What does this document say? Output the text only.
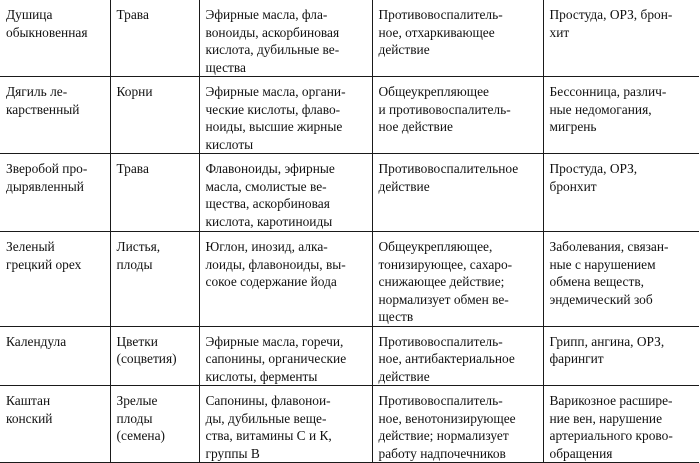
Душица
обыкновенная	Трава	Эфирные масла, фла-
воноиды, аскорбиновая
кислота, дубильные ве-
щества	Противовоспалитель-
ное, отхаркивающее
действие	Простуда, ОРЗ, брон-
хит
Дягиль ле-
карственный	Корни	Эфирные масла, органи-
ческие кислоты, флаво-
ноиды, высшие жирные
кислоты	Общеукрепляющее
и противовоспалитель-
ное действие	Бессонница, различ-
ные недомогания,
мигрень
Зверобой про-
дырявленный	Трава	Флавоноиды, эфирные
масла, смолистые ве-
щества, аскорбиновая
кислота, каротиноиды	Противовоспалительное
действие	Простуда, ОРЗ,
бронхит
Зеленый
грецкий орех	Листья,
плоды	Юглон, инозид, алка-
лоиды, флавоноиды, вы-
сокое содержание йода	Общеукрепляющее,
тонизирующее, сахаро-
снижающее действие;
нормализует обмен ве-
ществ	Заболевания, связан-
ные с нарушением
обмена веществ,
эндемический зоб
Календула	Цветки
(соцветия)	Эфирные масла, горечи,
сапонины, органические
кислоты, ферменты	Противовоспалитель-
ное, антибактериальное
действие	Грипп, ангина, ОРЗ,
фарингит
Каштан
конский	Зрелые
плоды
(семена)	Сапонины, флавонои-
ды, дубильные веще-
ства, витамины С и К,
группы В	Противовоспалитель-
ное, венотонизирующее
действие; нормализует
работу надпочечников	Варикозное расшире-
ние вен, нарушение
артериального крово-
обращения
